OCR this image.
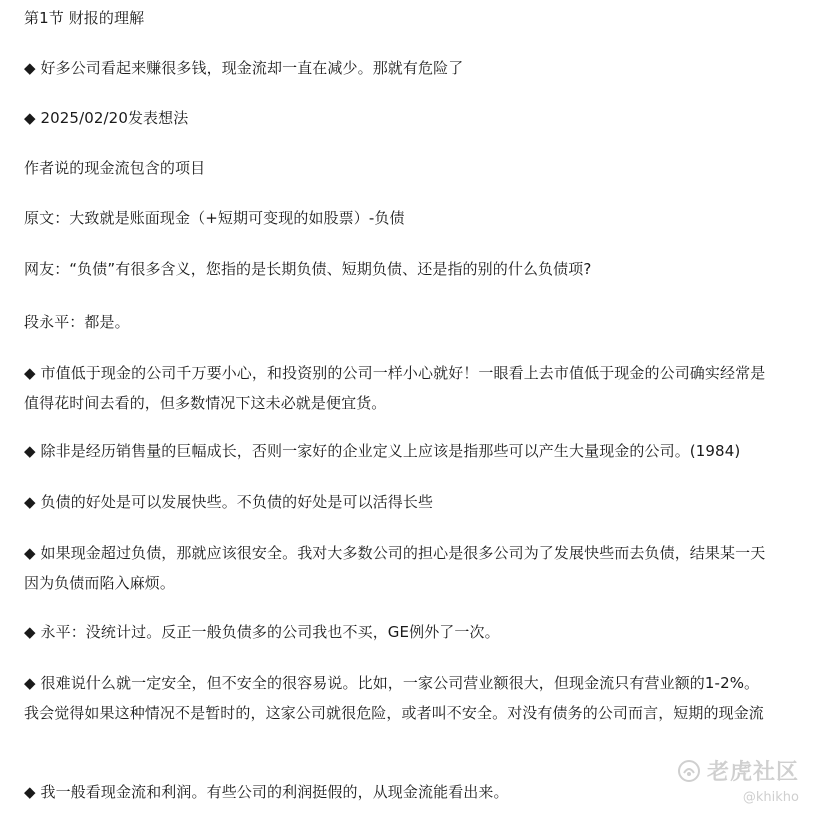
第1节 财报的理解

◆ 好多公司看起来赚很多钱，现金流却一直在减少。那就有危险了

◆ 2025/02/20发表想法

作者说的现金流包含的项目

原文：大致就是账面现金（+短期可变现的如股票）-负债

网友：“负债”有很多含义，您指的是长期负债、短期负债、还是指的别的什么负债项?

段永平：都是。

◆ 市值低于现金的公司千万要小心，和投资别的公司一样小心就好！一眼看上去市值低于现金的公司确实经常是值得花时间去看的，但多数情况下这未必就是便宜货。

◆ 除非是经历销售量的巨幅成长，否则一家好的企业定义上应该是指那些可以产生大量现金的公司。(1984)

◆ 负债的好处是可以发展快些。不负债的好处是可以活得长些

◆ 如果现金超过负债，那就应该很安全。我对大多数公司的担心是很多公司为了发展快些而去负债，结果某一天因为负债而陷入麻烦。

◆ 永平：没统计过。反正一般负债多的公司我也不买，GE例外了一次。

◆ 很难说什么就一定安全，但不安全的很容易说。比如，一家公司营业额很大，但现金流只有营业额的1-2%。我会觉得如果这种情况不是暂时的，这家公司就很危险，或者叫不安全。对没有债务的公司而言，短期的现金流

◆ 我一般看现金流和利润。有些公司的利润挺假的，从现金流能看出来。

老虎社区
@khikho
